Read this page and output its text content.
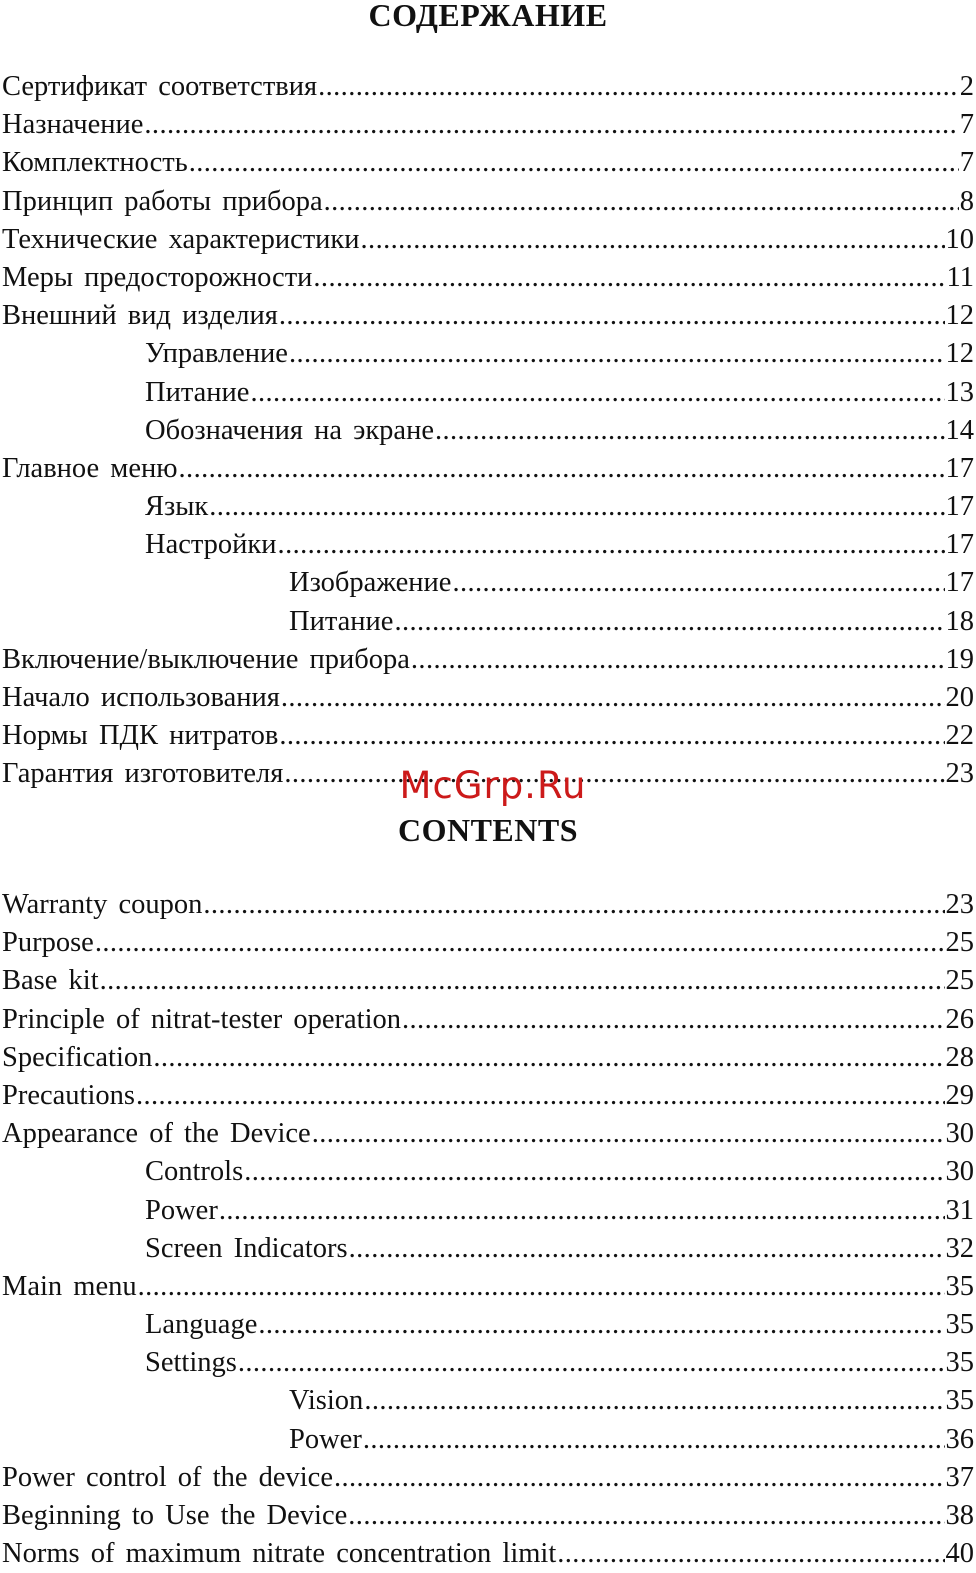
СОДЕРЖАНИЕ
Сертификат соответствия .....	2
Назначение .....	7
Комплектность .....	7
Принцип работы прибора .....	8
Технические характеристики .....	10
Меры предосторожности .....	11
Внешний вид изделия .....	12
Управление .....	12
Питание .....	13
Обозначения на экране .....	14
Главное меню .....	17
Язык .....	17
Настройки .....	17
Изображение .....	17
Питание .....	18
Включение/выключение прибора .....	19
Начало использования .....	20
Нормы ПДК нитратов .....	22
Гарантия изготовителя .....	23
McGrp.Ru
CONTENTS
Warranty coupon .....	23
Purpose .....	25
Base kit .....	25
Principle of nitrat-tester operation .....	26
Specification .....	28
Precautions .....	29
Appearance of the Device .....	30
Controls .....	30
Power .....	31
Screen Indicators .....	32
Main menu .....	35
Language .....	35
Settings .....	35
Vision .....	35
Power .....	36
Power control of the device .....	37
Beginning to Use the Device .....	38
Norms of maximum nitrate concentration limit .....	40
